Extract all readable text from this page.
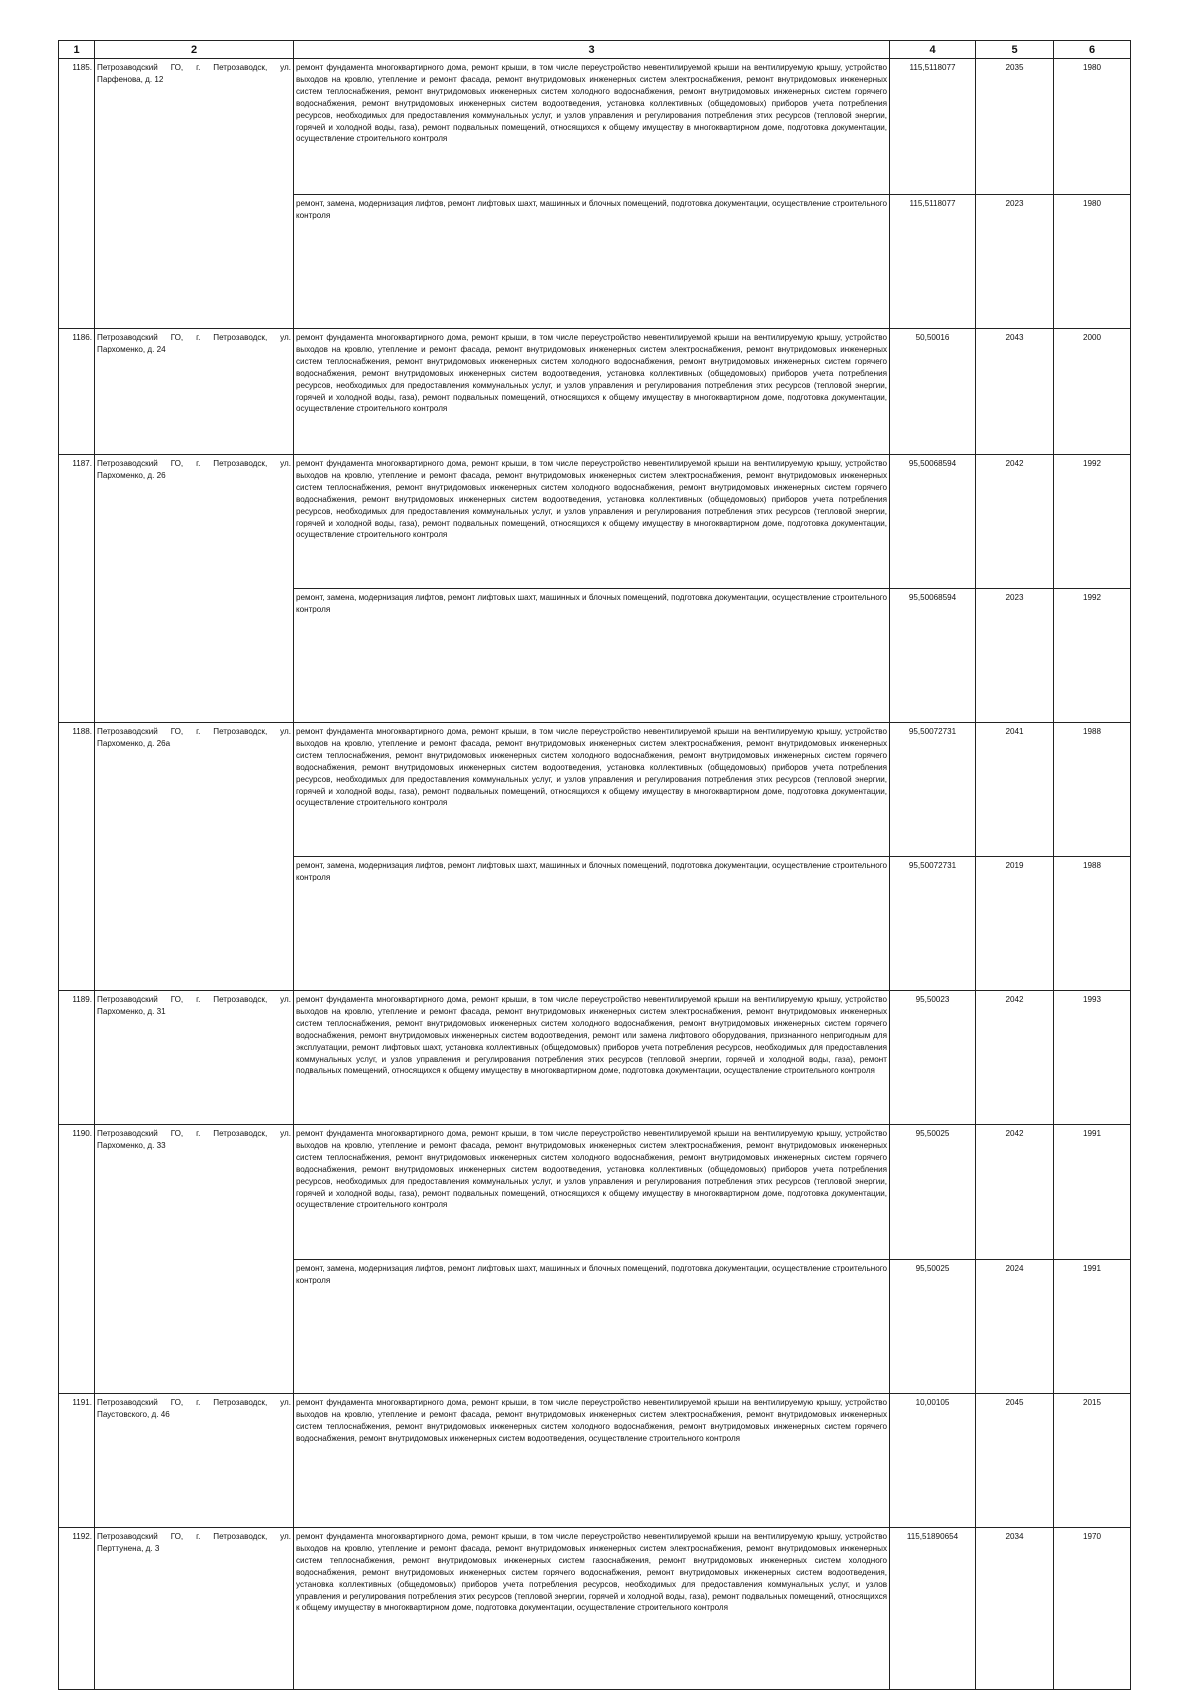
1	2	3	4	5	6
1185.	Петрозаводский ГО, г. Петрозаводск, ул. Парфенова, д. 12	ремонт фундамента многоквартирного дома, ремонт крыши, в том числе переустройство невентилируемой крыши на вентилируемую крышу, устройство выходов на кровлю, утепление и ремонт фасада, ремонт внутридомовых инженерных систем электроснабжения, ремонт внутридомовых инженерных систем теплоснабжения, ремонт внутридомовых инженерных систем холодного водоснабжения, ремонт внутридомовых инженерных систем горячего водоснабжения, ремонт внутридомовых инженерных систем водоотведения, установка коллективных (общедомовых) приборов учета потребления ресурсов, необходимых для предоставления коммунальных услуг, и узлов управления и регулирования потребления этих ресурсов (тепловой энергии, горячей и холодной воды, газа), ремонт подвальных помещений, относящихся к общему имуществу в многоквартирном доме, подготовка документации, осуществление строительного контроля	115,5118077	2035	1980
		ремонт, замена, модернизация лифтов, ремонт лифтовых шахт, машинных и блочных помещений, подготовка документации, осуществление строительного контроля	115,5118077	2023	1980
1186.	Петрозаводский ГО, г. Петрозаводск, ул. Пархоменко, д. 24	ремонт фундамента многоквартирного дома, ремонт крыши, в том числе переустройство невентилируемой крыши на вентилируемую крышу, устройство выходов на кровлю, утепление и ремонт фасада, ремонт внутридомовых инженерных систем электроснабжения, ремонт внутридомовых инженерных систем теплоснабжения, ремонт внутридомовых инженерных систем холодного водоснабжения, ремонт внутридомовых инженерных систем горячего водоснабжения, ремонт внутридомовых инженерных систем водоотведения, установка коллективных (общедомовых) приборов учета потребления ресурсов, необходимых для предоставления коммунальных услуг, и узлов управления и регулирования потребления этих ресурсов (тепловой энергии, горячей и холодной воды, газа), ремонт подвальных помещений, относящихся к общему имуществу в многоквартирном доме, подготовка документации, осуществление строительного контроля	50,50016	2043	2000
1187.	Петрозаводский ГО, г. Петрозаводск, ул. Пархоменко, д. 26	ремонт фундамента многоквартирного дома, ремонт крыши, в том числе переустройство невентилируемой крыши на вентилируемую крышу, устройство выходов на кровлю, утепление и ремонт фасада, ремонт внутридомовых инженерных систем электроснабжения, ремонт внутридомовых инженерных систем теплоснабжения, ремонт внутридомовых инженерных систем холодного водоснабжения, ремонт внутридомовых инженерных систем горячего водоснабжения, ремонт внутридомовых инженерных систем водоотведения, установка коллективных (общедомовых) приборов учета потребления ресурсов, необходимых для предоставления коммунальных услуг, и узлов управления и регулирования потребления этих ресурсов (тепловой энергии, горячей и холодной воды, газа), ремонт подвальных помещений, относящихся к общему имуществу в многоквартирном доме, подготовка документации, осуществление строительного контроля	95,50068594	2042	1992
		ремонт, замена, модернизация лифтов, ремонт лифтовых шахт, машинных и блочных помещений, подготовка документации, осуществление строительного контроля	95,50068594	2023	1992
1188.	Петрозаводский ГО, г. Петрозаводск, ул. Пархоменко, д. 26а	ремонт фундамента многоквартирного дома, ремонт крыши, в том числе переустройство невентилируемой крыши на вентилируемую крышу, устройство выходов на кровлю, утепление и ремонт фасада, ремонт внутридомовых инженерных систем электроснабжения, ремонт внутридомовых инженерных систем теплоснабжения, ремонт внутридомовых инженерных систем холодного водоснабжения, ремонт внутридомовых инженерных систем горячего водоснабжения, ремонт внутридомовых инженерных систем водоотведения, установка коллективных (общедомовых) приборов учета потребления ресурсов, необходимых для предоставления коммунальных услуг, и узлов управления и регулирования потребления этих ресурсов (тепловой энергии, горячей и холодной воды, газа), ремонт подвальных помещений, относящихся к общему имуществу в многоквартирном доме, подготовка документации, осуществление строительного контроля	95,50072731	2041	1988
		ремонт, замена, модернизация лифтов, ремонт лифтовых шахт, машинных и блочных помещений, подготовка документации, осуществление строительного контроля	95,50072731	2019	1988
1189.	Петрозаводский ГО, г. Петрозаводск, ул. Пархоменко, д. 31	ремонт фундамента многоквартирного дома, ремонт крыши, в том числе переустройство невентилируемой крыши на вентилируемую крышу, устройство выходов на кровлю, утепление и ремонт фасада, ремонт внутридомовых инженерных систем электроснабжения, ремонт внутридомовых инженерных систем теплоснабжения, ремонт внутридомовых инженерных систем холодного водоснабжения, ремонт внутридомовых инженерных систем горячего водоснабжения, ремонт внутридомовых инженерных систем водоотведения, ремонт или замена лифтового оборудования, признанного непригодным для эксплуатации, ремонт лифтовых шахт, установка коллективных (общедомовых) приборов учета потребления ресурсов, необходимых для предоставления коммунальных услуг, и узлов управления и регулирования потребления этих ресурсов (тепловой энергии, горячей и холодной воды, газа), ремонт подвальных помещений, относящихся к общему имуществу в многоквартирном доме, подготовка документации, осуществление строительного контроля	95,50023	2042	1993
1190.	Петрозаводский ГО, г. Петрозаводск, ул. Пархоменко, д. 33	ремонт фундамента многоквартирного дома, ремонт крыши, в том числе переустройство невентилируемой крыши на вентилируемую крышу, устройство выходов на кровлю, утепление и ремонт фасада, ремонт внутридомовых инженерных систем электроснабжения, ремонт внутридомовых инженерных систем теплоснабжения, ремонт внутридомовых инженерных систем холодного водоснабжения, ремонт внутридомовых инженерных систем горячего водоснабжения, ремонт внутридомовых инженерных систем водоотведения, установка коллективных (общедомовых) приборов учета потребления ресурсов, необходимых для предоставления коммунальных услуг, и узлов управления и регулирования потребления этих ресурсов (тепловой энергии, горячей и холодной воды, газа), ремонт подвальных помещений, относящихся к общему имуществу в многоквартирном доме, подготовка документации, осуществление строительного контроля	95,50025	2042	1991
		ремонт, замена, модернизация лифтов, ремонт лифтовых шахт, машинных и блочных помещений, подготовка документации, осуществление строительного контроля	95,50025	2024	1991
1191.	Петрозаводский ГО, г. Петрозаводск, ул. Паустовского, д. 46	ремонт фундамента многоквартирного дома, ремонт крыши, в том числе переустройство невентилируемой крыши на вентилируемую крышу, устройство выходов на кровлю, утепление и ремонт фасада, ремонт внутридомовых инженерных систем электроснабжения, ремонт внутридомовых инженерных систем теплоснабжения, ремонт внутридомовых инженерных систем холодного водоснабжения, ремонт внутридомовых инженерных систем горячего водоснабжения, ремонт внутридомовых инженерных систем водоотведения, осуществление строительного контроля	10,00105	2045	2015
1192.	Петрозаводский ГО, г. Петрозаводск, ул. Перттунена, д. 3	ремонт фундамента многоквартирного дома, ремонт крыши, в том числе переустройство невентилируемой крыши на вентилируемую крышу, устройство выходов на кровлю, утепление и ремонт фасада, ремонт внутридомовых инженерных систем электроснабжения, ремонт внутридомовых инженерных систем теплоснабжения, ремонт внутридомовых инженерных систем газоснабжения, ремонт внутридомовых инженерных систем холодного водоснабжения, ремонт внутридомовых инженерных систем горячего водоснабжения, ремонт внутридомовых инженерных систем водоотведения, установка коллективных (общедомовых) приборов учета потребления ресурсов, необходимых для предоставления коммунальных услуг, и узлов управления и регулирования потребления этих ресурсов (тепловой энергии, горячей и холодной воды, газа), ремонт подвальных помещений, относящихся к общему имуществу в многоквартирном доме, подготовка документации, осуществление строительного контроля	115,51890654	2034	1970
